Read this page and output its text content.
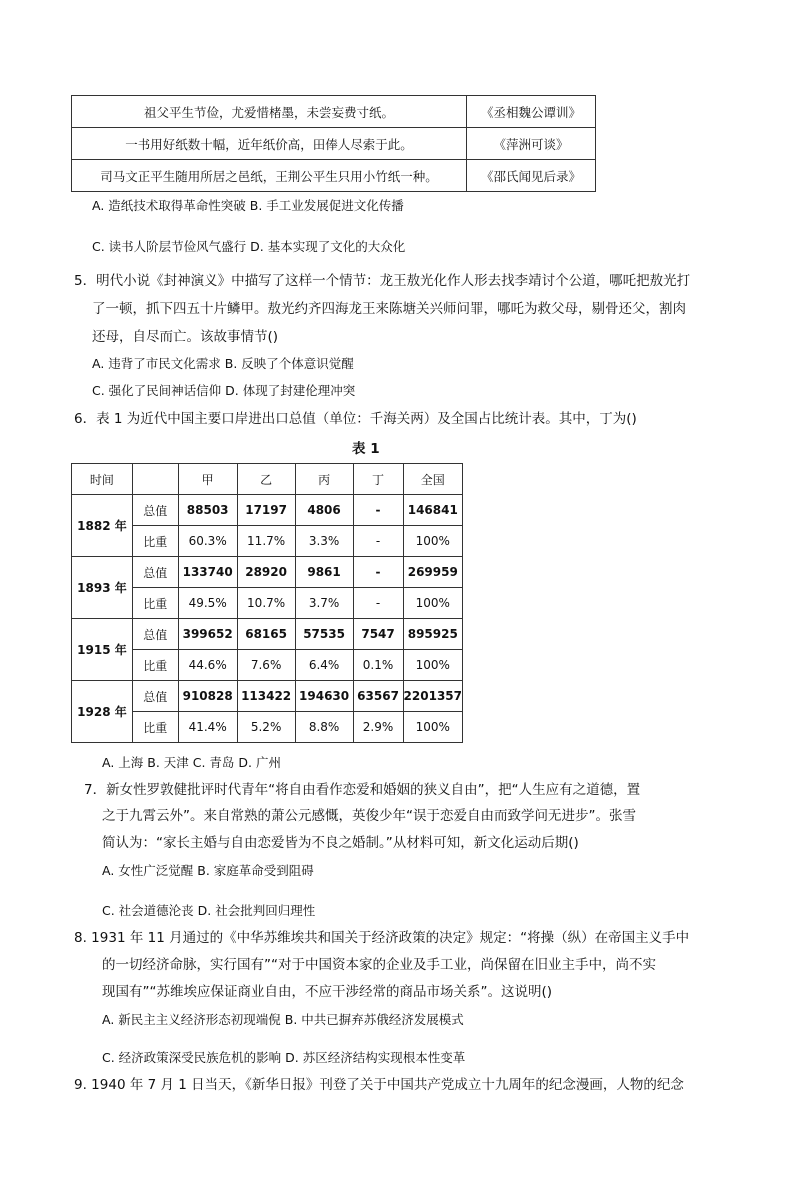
祖父平生节俭，尤爱惜楮墨，未尝妄费寸纸。	《丞相魏公谭训》
一书用好纸数十幅，近年纸价高，田俸人尽索于此。	《萍洲可谈》
司马文正平生随用所居之邑纸，王荆公平生只用小竹纸一种。	《邵氏闻见后录》
A. 造纸技术取得革命性突破 B. 手工业发展促进文化传播
C. 读书人阶层节俭风气盛行 D. 基本实现了文化的大众化
5．明代小说《封神演义》中描写了这样一个情节：龙王敖光化作人形去找李靖讨个公道，哪吒把敖光打
了一顿，抓下四五十片鳞甲。敖光约齐四海龙王来陈塘关兴师问罪，哪吒为救父母，剔骨还父，割肉
还母，自尽而亡。该故事情节()
A. 违背了市民文化需求 B. 反映了个体意识觉醒
C. 强化了民间神话信仰 D. 体现了封建伦理冲突
6．表 1 为近代中国主要口岸进出口总值（单位：千海关两）及全国占比统计表。其中，丁为()
表 1
时间		甲	乙	丙	丁	全国
1882 年	总值	88503	17197	4806	-	146841
	比重	60.3%	11.7%	3.3%	-	100%
1893 年	总值	133740	28920	9861	-	269959
	比重	49.5%	10.7%	3.7%	-	100%
1915 年	总值	399652	68165	57535	7547	895925
	比重	44.6%	7.6%	6.4%	0.1%	100%
1928 年	总值	910828	113422	194630	63567	2201357
	比重	41.4%	5.2%	8.8%	2.9%	100%
A. 上海 B. 天津 C. 青岛 D. 广州
7．新女性罗敦健批评时代青年“将自由看作恋爱和婚姻的狭义自由”，把“人生应有之道德，置
之于九霄云外”。来自常熟的萧公元感慨，英俊少年“误于恋爱自由而致学问无进步”。张雪
简认为：“家长主婚与自由恋爱皆为不良之婚制。”从材料可知，新文化运动后期()
A. 女性广泛觉醒 B. 家庭革命受到阻碍
C. 社会道德沦丧 D. 社会批判回归理性
8. 1931 年 11 月通过的《中华苏维埃共和国关于经济政策的决定》规定：“将操（纵）在帝国主义手中
的一切经济命脉，实行国有”“对于中国资本家的企业及手工业，尚保留在旧业主手中，尚不实
现国有”“苏维埃应保证商业自由，不应干涉经常的商品市场关系”。这说明()
A. 新民主主义经济形态初现端倪 B. 中共已摒弃苏俄经济发展模式
C. 经济政策深受民族危机的影响 D. 苏区经济结构实现根本性变革
9. 1940 年 7 月 1 日当天，《新华日报》刊登了关于中国共产党成立十九周年的纪念漫画，人物的纪念
